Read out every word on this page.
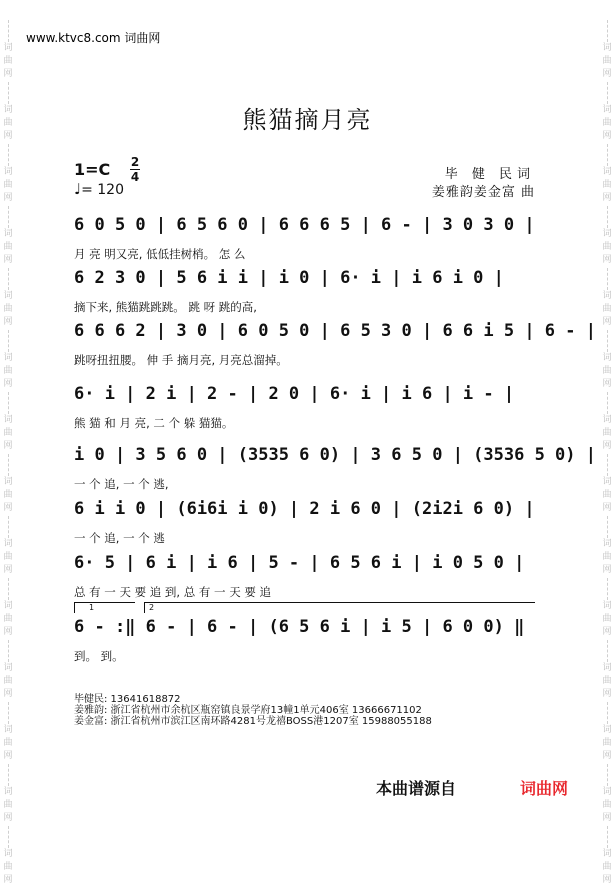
词
曲
网
词
曲
网
词
曲
网
词
曲
网
词
曲
网
词
曲
网
词
曲
网
词
曲
网
词
曲
网
词
曲
网
词
曲
网
词
曲
网
词
曲
网
词
曲
网
词
曲
网
词
曲
网
词
曲
网
词
曲
网
词
曲
网
词
曲
网
词
曲
网
词
曲
网
词
曲
网
词
曲
网
词
曲
网
词
曲
网
词
曲
网
词
曲
网
www.ktvc8.com 词曲网
熊猫摘月亮
1=C 2
4
♩= 120
毕 健 民词
姜雅韵姜金富 曲
6 0 5 0 | 6 5 6 0 | 6 6 6 5 | 6 - | 3 0 3 0 |
月 亮 明又亮, 低低挂树梢。 怎 么
6 2 3 0 | 5 6 i i | i 0 | 6· i | i 6 i 0 |
摘下来, 熊猫跳跳跳。 跳 呀 跳的高,
6 6 6 2 | 3 0 | 6 0 5 0 | 6 5 3 0 | 6 6 i 5 | 6 - |
跳呀扭扭腰。 伸 手 摘月亮, 月亮总溜掉。
6· i | 2 i | 2 - | 2 0 | 6· i | i 6 | i - |
熊 猫 和 月 亮, 二 个 躲 猫猫。
i 0 | 3 5 6 0 | (3535 6 0) | 3 6 5 0 | (3536 5 0) |
一 个 追, 一 个 逃,
6 i i 0 | (6i6i i 0) | 2 i 6 0 | (2i2i 6 0) |
一 个 追, 一 个 逃
6· 5 | 6 i | i 6 | 5 - | 6 5 6 i | i 0 5 0 |
总 有 一 天 要 追 到, 总 有 一 天 要 追
1	2
6 - :‖ 6 - | 6 - | (6 5 6 i | i 5 | 6 0 0) ‖
到。 到。
毕健民: 13641618872
姜雅韵: 浙江省杭州市余杭区瓶窑镇良景学府13幢1单元406室 13666671102
姜金富: 浙江省杭州市滨江区南环路4281号龙禧BOSS港1207室 15988055188
本曲谱源自	词曲网
